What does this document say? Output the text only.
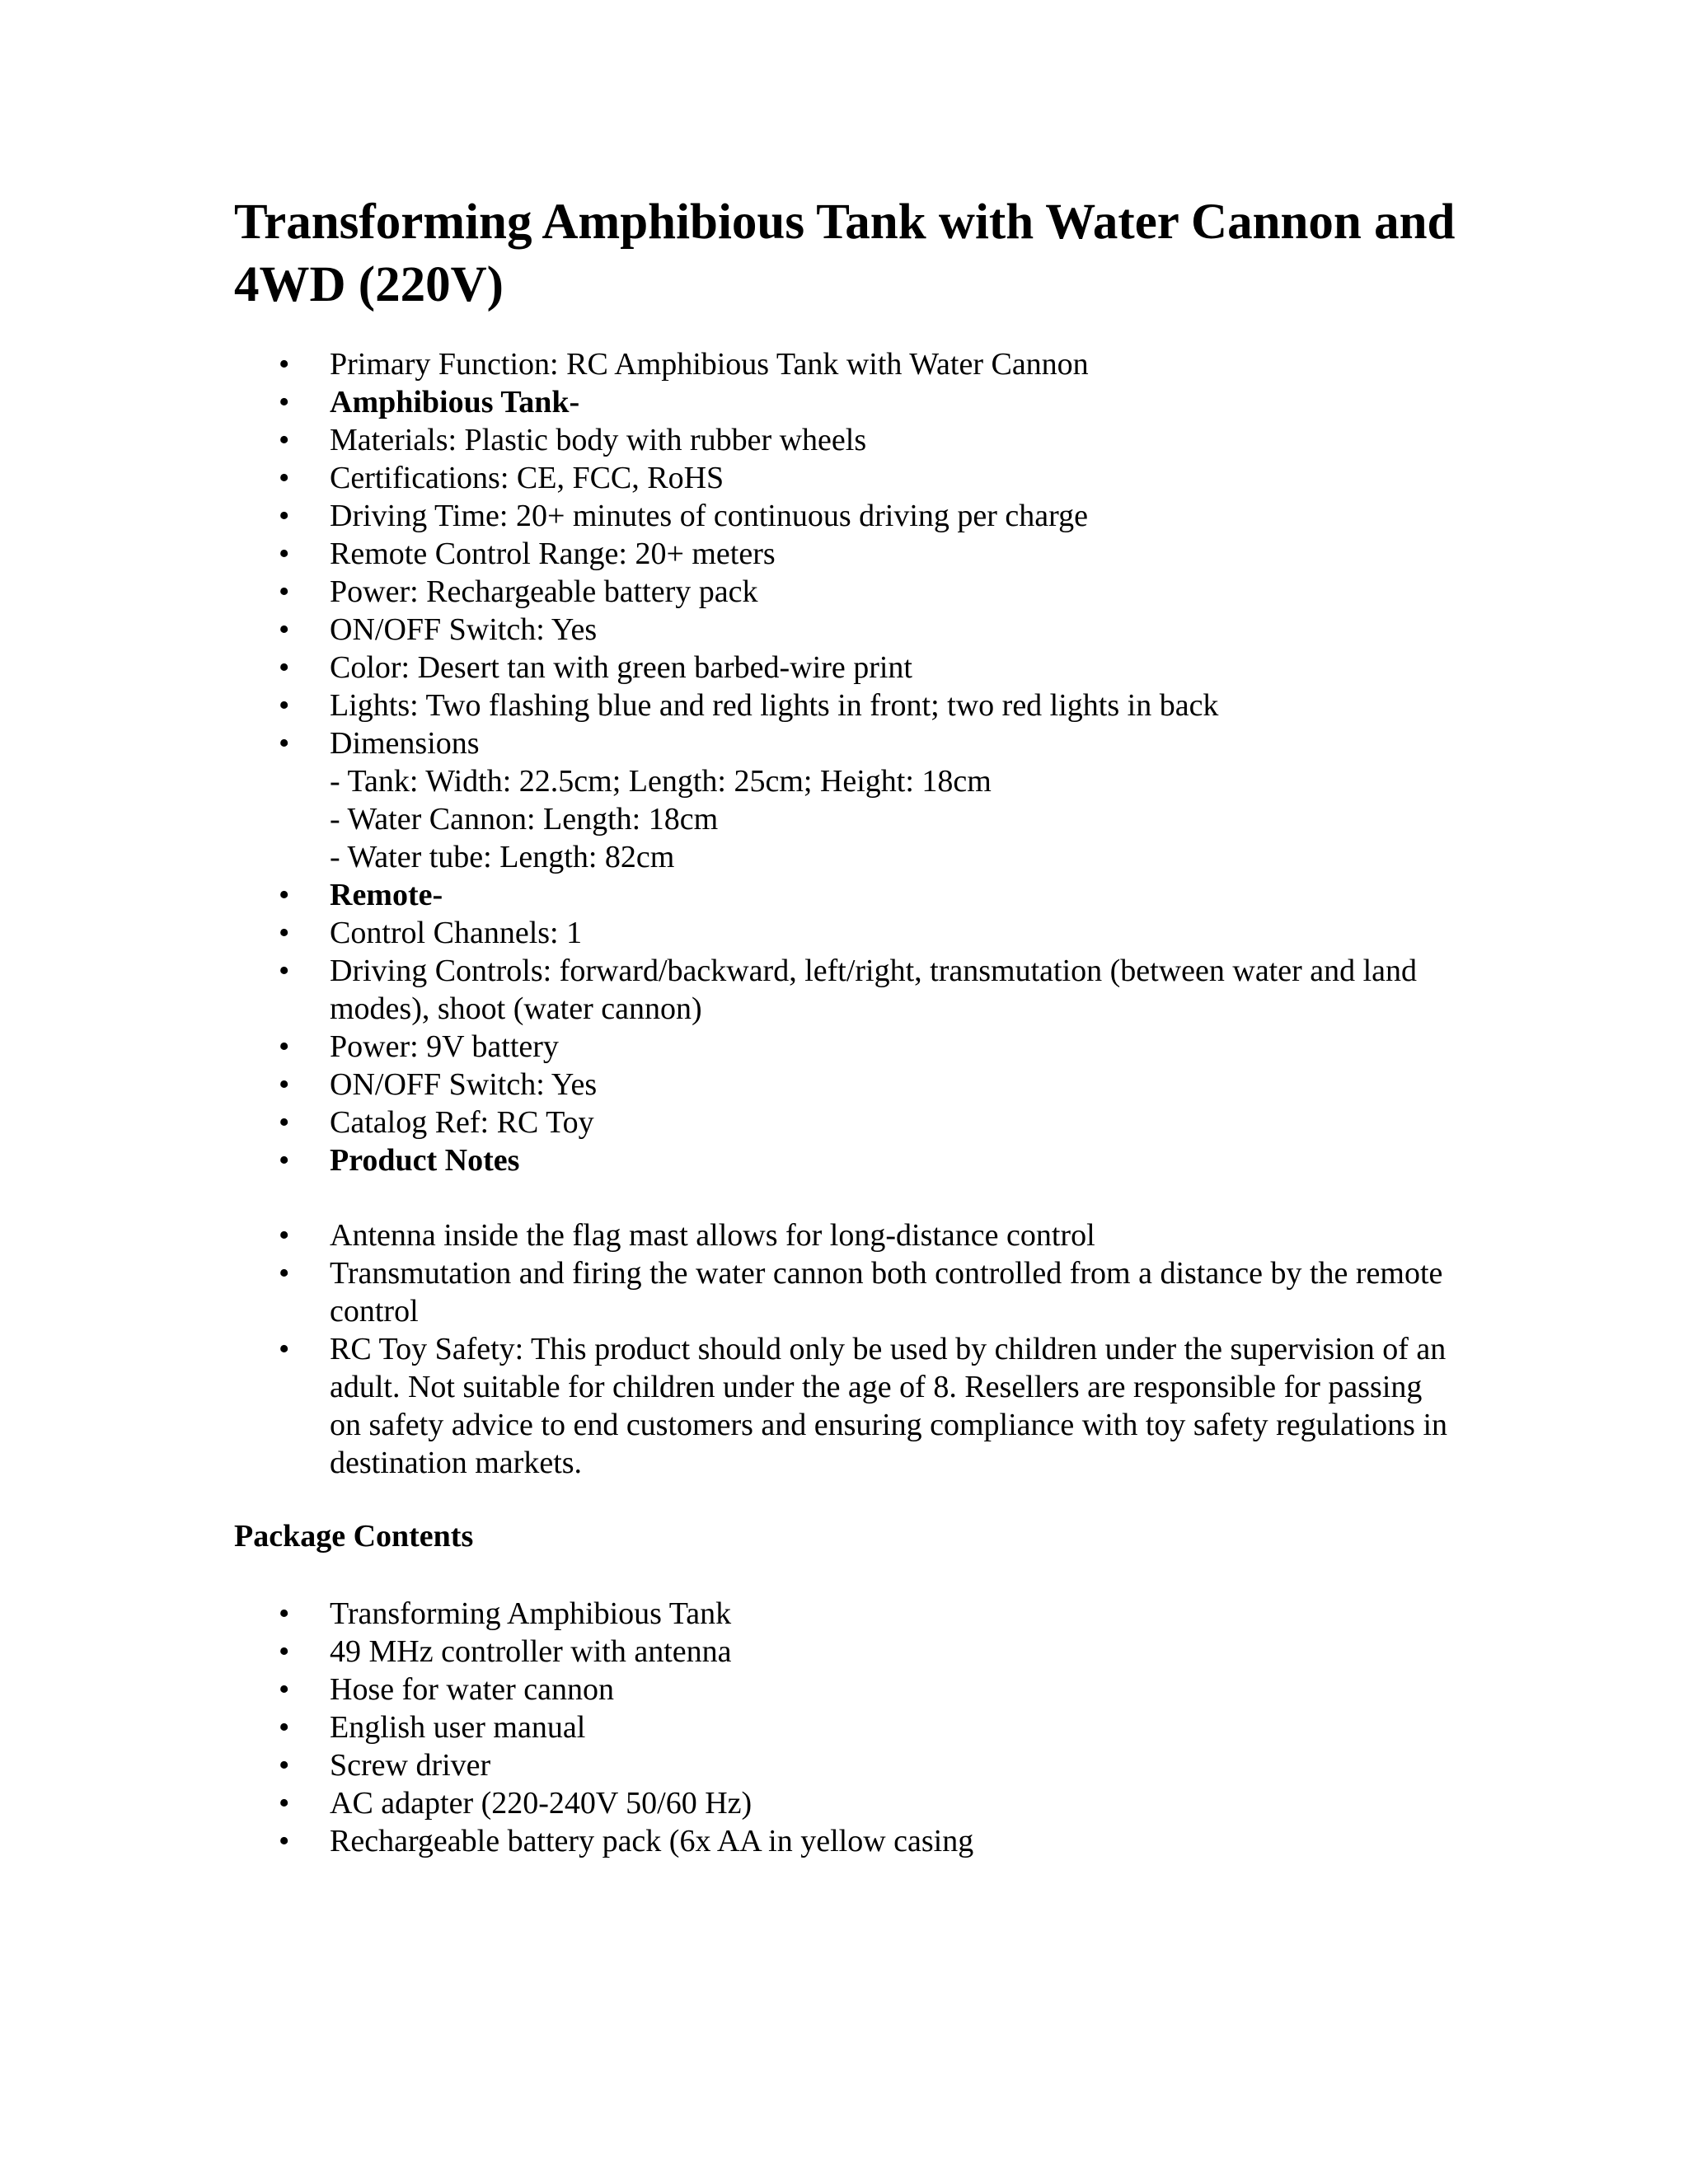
Transforming Amphibious Tank with Water Cannon and 4WD (220V)
• Primary Function: RC Amphibious Tank with Water Cannon
• Amphibious Tank-
• Materials: Plastic body with rubber wheels
• Certifications: CE, FCC, RoHS
• Driving Time: 20+ minutes of continuous driving per charge
• Remote Control Range: 20+ meters
• Power: Rechargeable battery pack
• ON/OFF Switch: Yes
• Color: Desert tan with green barbed-wire print
• Lights: Two flashing blue and red lights in front; two red lights in back
• Dimensions
- Tank: Width: 22.5cm; Length: 25cm; Height: 18cm
- Water Cannon: Length: 18cm
- Water tube: Length: 82cm
• Remote-
• Control Channels: 1
• Driving Controls: forward/backward, left/right, transmutation (between water and land modes), shoot (water cannon)
• Power: 9V battery
• ON/OFF Switch: Yes
• Catalog Ref: RC Toy
• Product Notes
• Antenna inside the flag mast allows for long-distance control
• Transmutation and firing the water cannon both controlled from a distance by the remote control
• RC Toy Safety: This product should only be used by children under the supervision of an adult. Not suitable for children under the age of 8. Resellers are responsible for passing on safety advice to end customers and ensuring compliance with toy safety regulations in destination markets.
Package Contents
• Transforming Amphibious Tank
• 49 MHz controller with antenna
• Hose for water cannon
• English user manual
• Screw driver
• AC adapter (220-240V 50/60 Hz)
• Rechargeable battery pack (6x AA in yellow casing
